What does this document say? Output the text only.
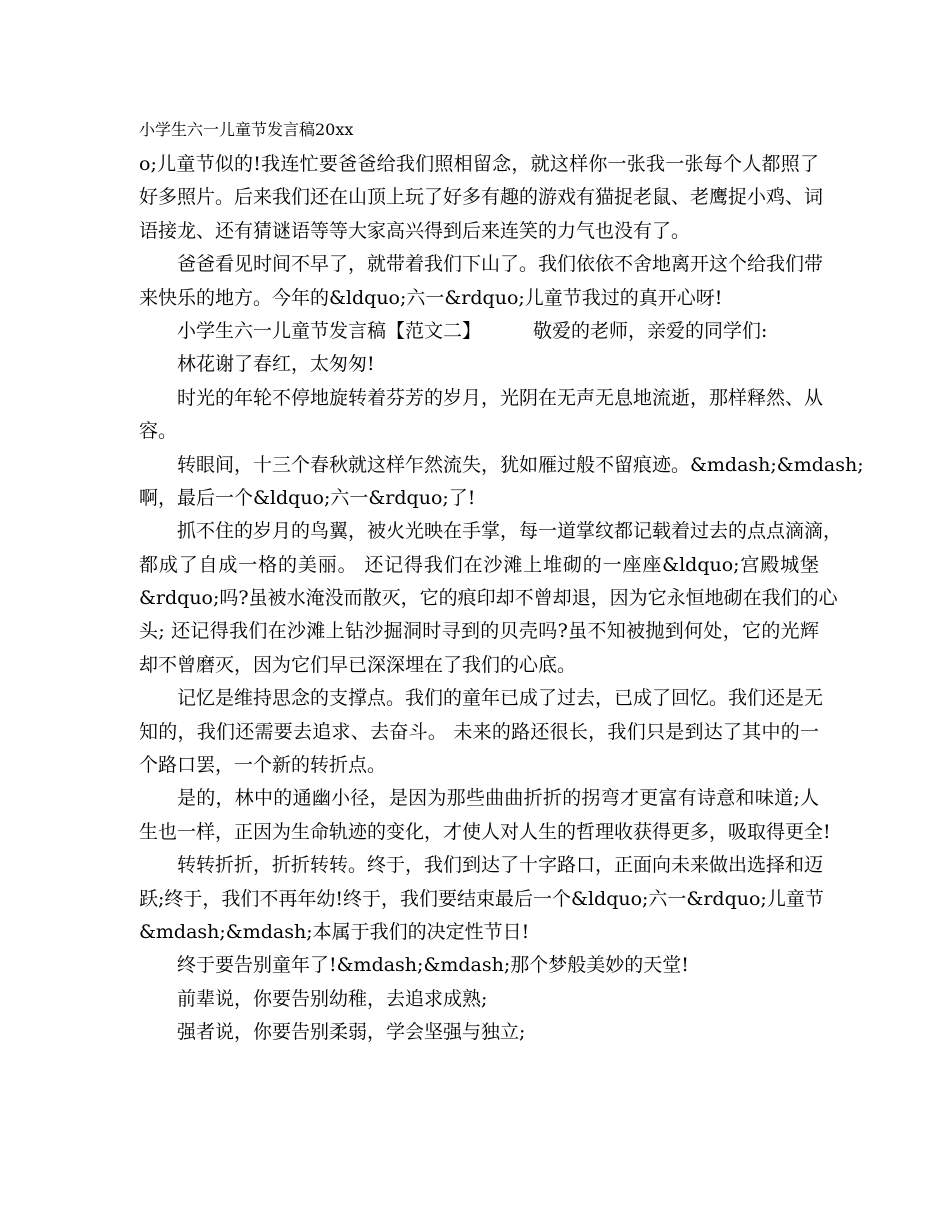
小学生六一儿童节发言稿20xx
o;儿童节似的!我连忙要爸爸给我们照相留念，就这样你一张我一张每个人都照了
好多照片。后来我们还在山顶上玩了好多有趣的游戏有猫捉老鼠、老鹰捉小鸡、词
语接龙、还有猜谜语等等大家高兴得到后来连笑的力气也没有了。
爸爸看见时间不早了，就带着我们下山了。我们依依不舍地离开这个给我们带
来快乐的地方。今年的&ldquo;六一&rdquo;儿童节我过的真开心呀!
小学生六一儿童节发言稿【范文二】	敬爱的老师，亲爱的同学们:
林花谢了春红，太匆匆!
时光的年轮不停地旋转着芬芳的岁月，光阴在无声无息地流逝，那样释然、从
容。
转眼间，十三个春秋就这样乍然流失，犹如雁过般不留痕迹。&mdash;&mdash;
啊，最后一个&ldquo;六一&rdquo;了!
抓不住的岁月的鸟翼，被火光映在手掌，每一道掌纹都记载着过去的点点滴滴，
都成了自成一格的美丽。 还记得我们在沙滩上堆砌的一座座&ldquo;宫殿城堡
&rdquo;吗?虽被水淹没而散灭，它的痕印却不曾却退，因为它永恒地砌在我们的心
头; 还记得我们在沙滩上钻沙掘洞时寻到的贝壳吗?虽不知被抛到何处，它的光辉
却不曾磨灭，因为它们早已深深埋在了我们的心底。
记忆是维持思念的支撑点。我们的童年已成了过去，已成了回忆。我们还是无
知的，我们还需要去追求、去奋斗。 未来的路还很长，我们只是到达了其中的一
个路口罢，一个新的转折点。
是的，林中的通幽小径，是因为那些曲曲折折的拐弯才更富有诗意和味道;人
生也一样，正因为生命轨迹的变化，才使人对人生的哲理收获得更多，吸取得更全!
转转折折，折折转转。终于，我们到达了十字路口，正面向未来做出选择和迈
跃;终于，我们不再年幼!终于，我们要结束最后一个&ldquo;六一&rdquo;儿童节
&mdash;&mdash;本属于我们的决定性节日!
终于要告别童年了!&mdash;&mdash;那个梦般美妙的天堂!
前辈说，你要告别幼稚，去追求成熟;
强者说，你要告别柔弱，学会坚强与独立;
